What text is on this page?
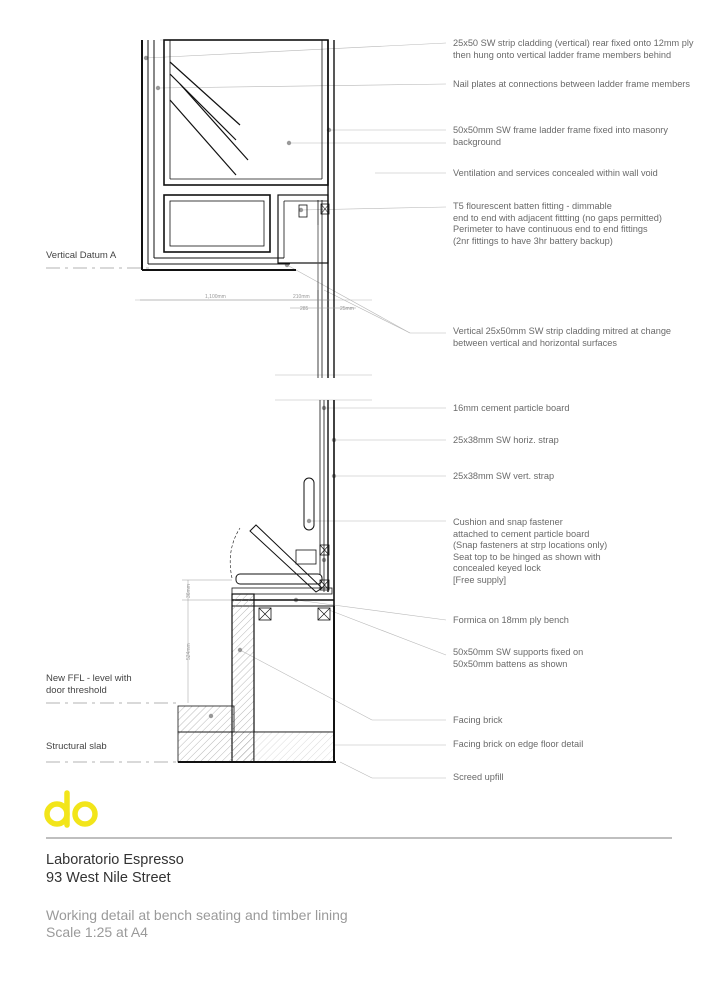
1,100mm	210mm
285	25mm
524mm
36mm
25x50 SW strip cladding (vertical) rear fixed onto 12mm ply then hung onto vertical ladder frame members behind
Nail plates at connections between ladder frame members
50x50mm SW frame ladder frame fixed into masonry background
Ventilation and services concealed within wall void
T5 flourescent batten fitting - dimmable
end to end with adjacent fittting (no gaps permitted)
Perimeter to have continuous end to end fittings
(2nr fittings to have 3hr battery backup)
Vertical 25x50mm SW strip cladding mitred at change between vertical and horizontal surfaces
16mm cement particle board
25x38mm SW horiz. strap
25x38mm SW vert. strap
Cushion and snap fastener
attached to cement particle board
(Snap fasteners at strp locations only)
Seat top to be hinged as shown with
concealed keyed lock
[Free supply]
Formica on 18mm ply bench
50x50mm SW supports fixed on
50x50mm battens as shown
Facing brick
Facing brick on edge floor detail
Screed upfill
Vertical Datum A
New FFL - level with
door threshold
Structural slab
Laboratorio Espresso
93 West Nile Street
Working detail at bench seating and timber lining
Scale 1:25 at A4
